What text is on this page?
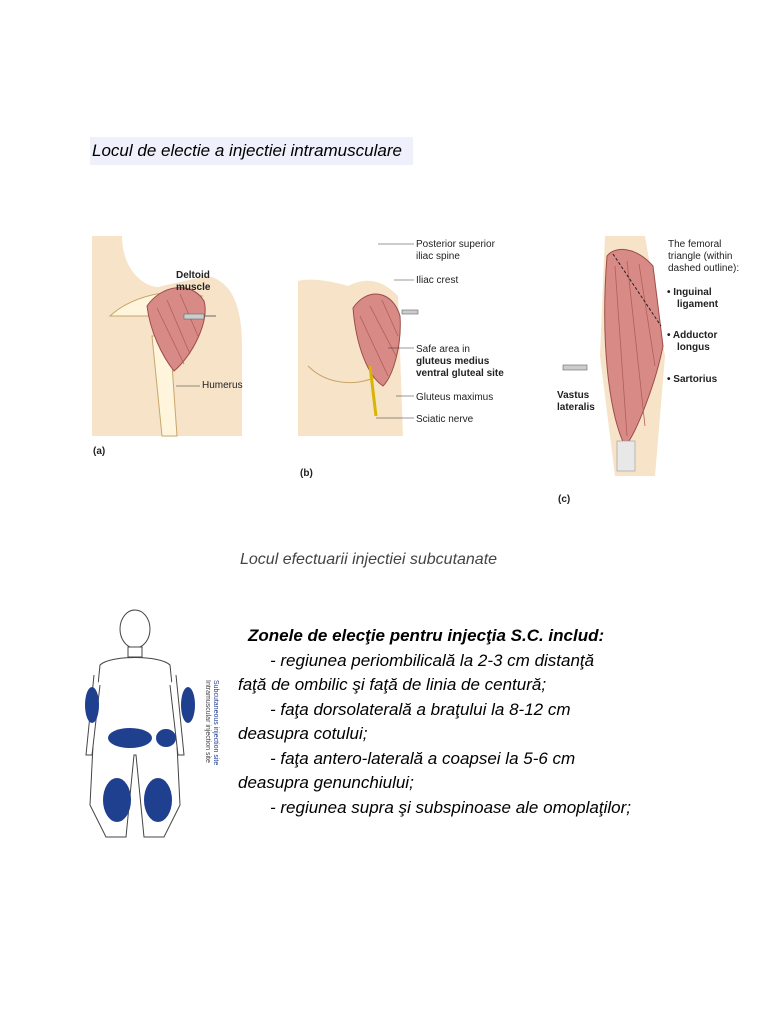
Locul de electie a injectiei intramusculare
Deltoid
muscle
Humerus
(a)
Posterior superior
iliac spine
Iliac crest
Safe area in
gluteus medius
ventral gluteal site
Gluteus maximus
Sciatic nerve
(b)
The femoral
triangle (within
dashed outline):
• Inguinal
ligament
• Adductor
longus
• Sartorius
Vastus
lateralis
(c)
Locul efectuarii injectiei subcutanate
Subcutaneous injection site
Intramuscular injection site
Zonele de elecţie pentru injecţia S.C. includ:
- regiunea periombilicală la 2-3 cm distanţă
faţă de ombilic şi faţă de linia de centură;
- faţa dorsolaterală a braţului la 8-12 cm
deasupra cotului;
- faţa antero-laterală a coapsei la 5-6 cm
deasupra genunchiului;
- regiunea supra şi subspinoase ale omoplaţilor;
